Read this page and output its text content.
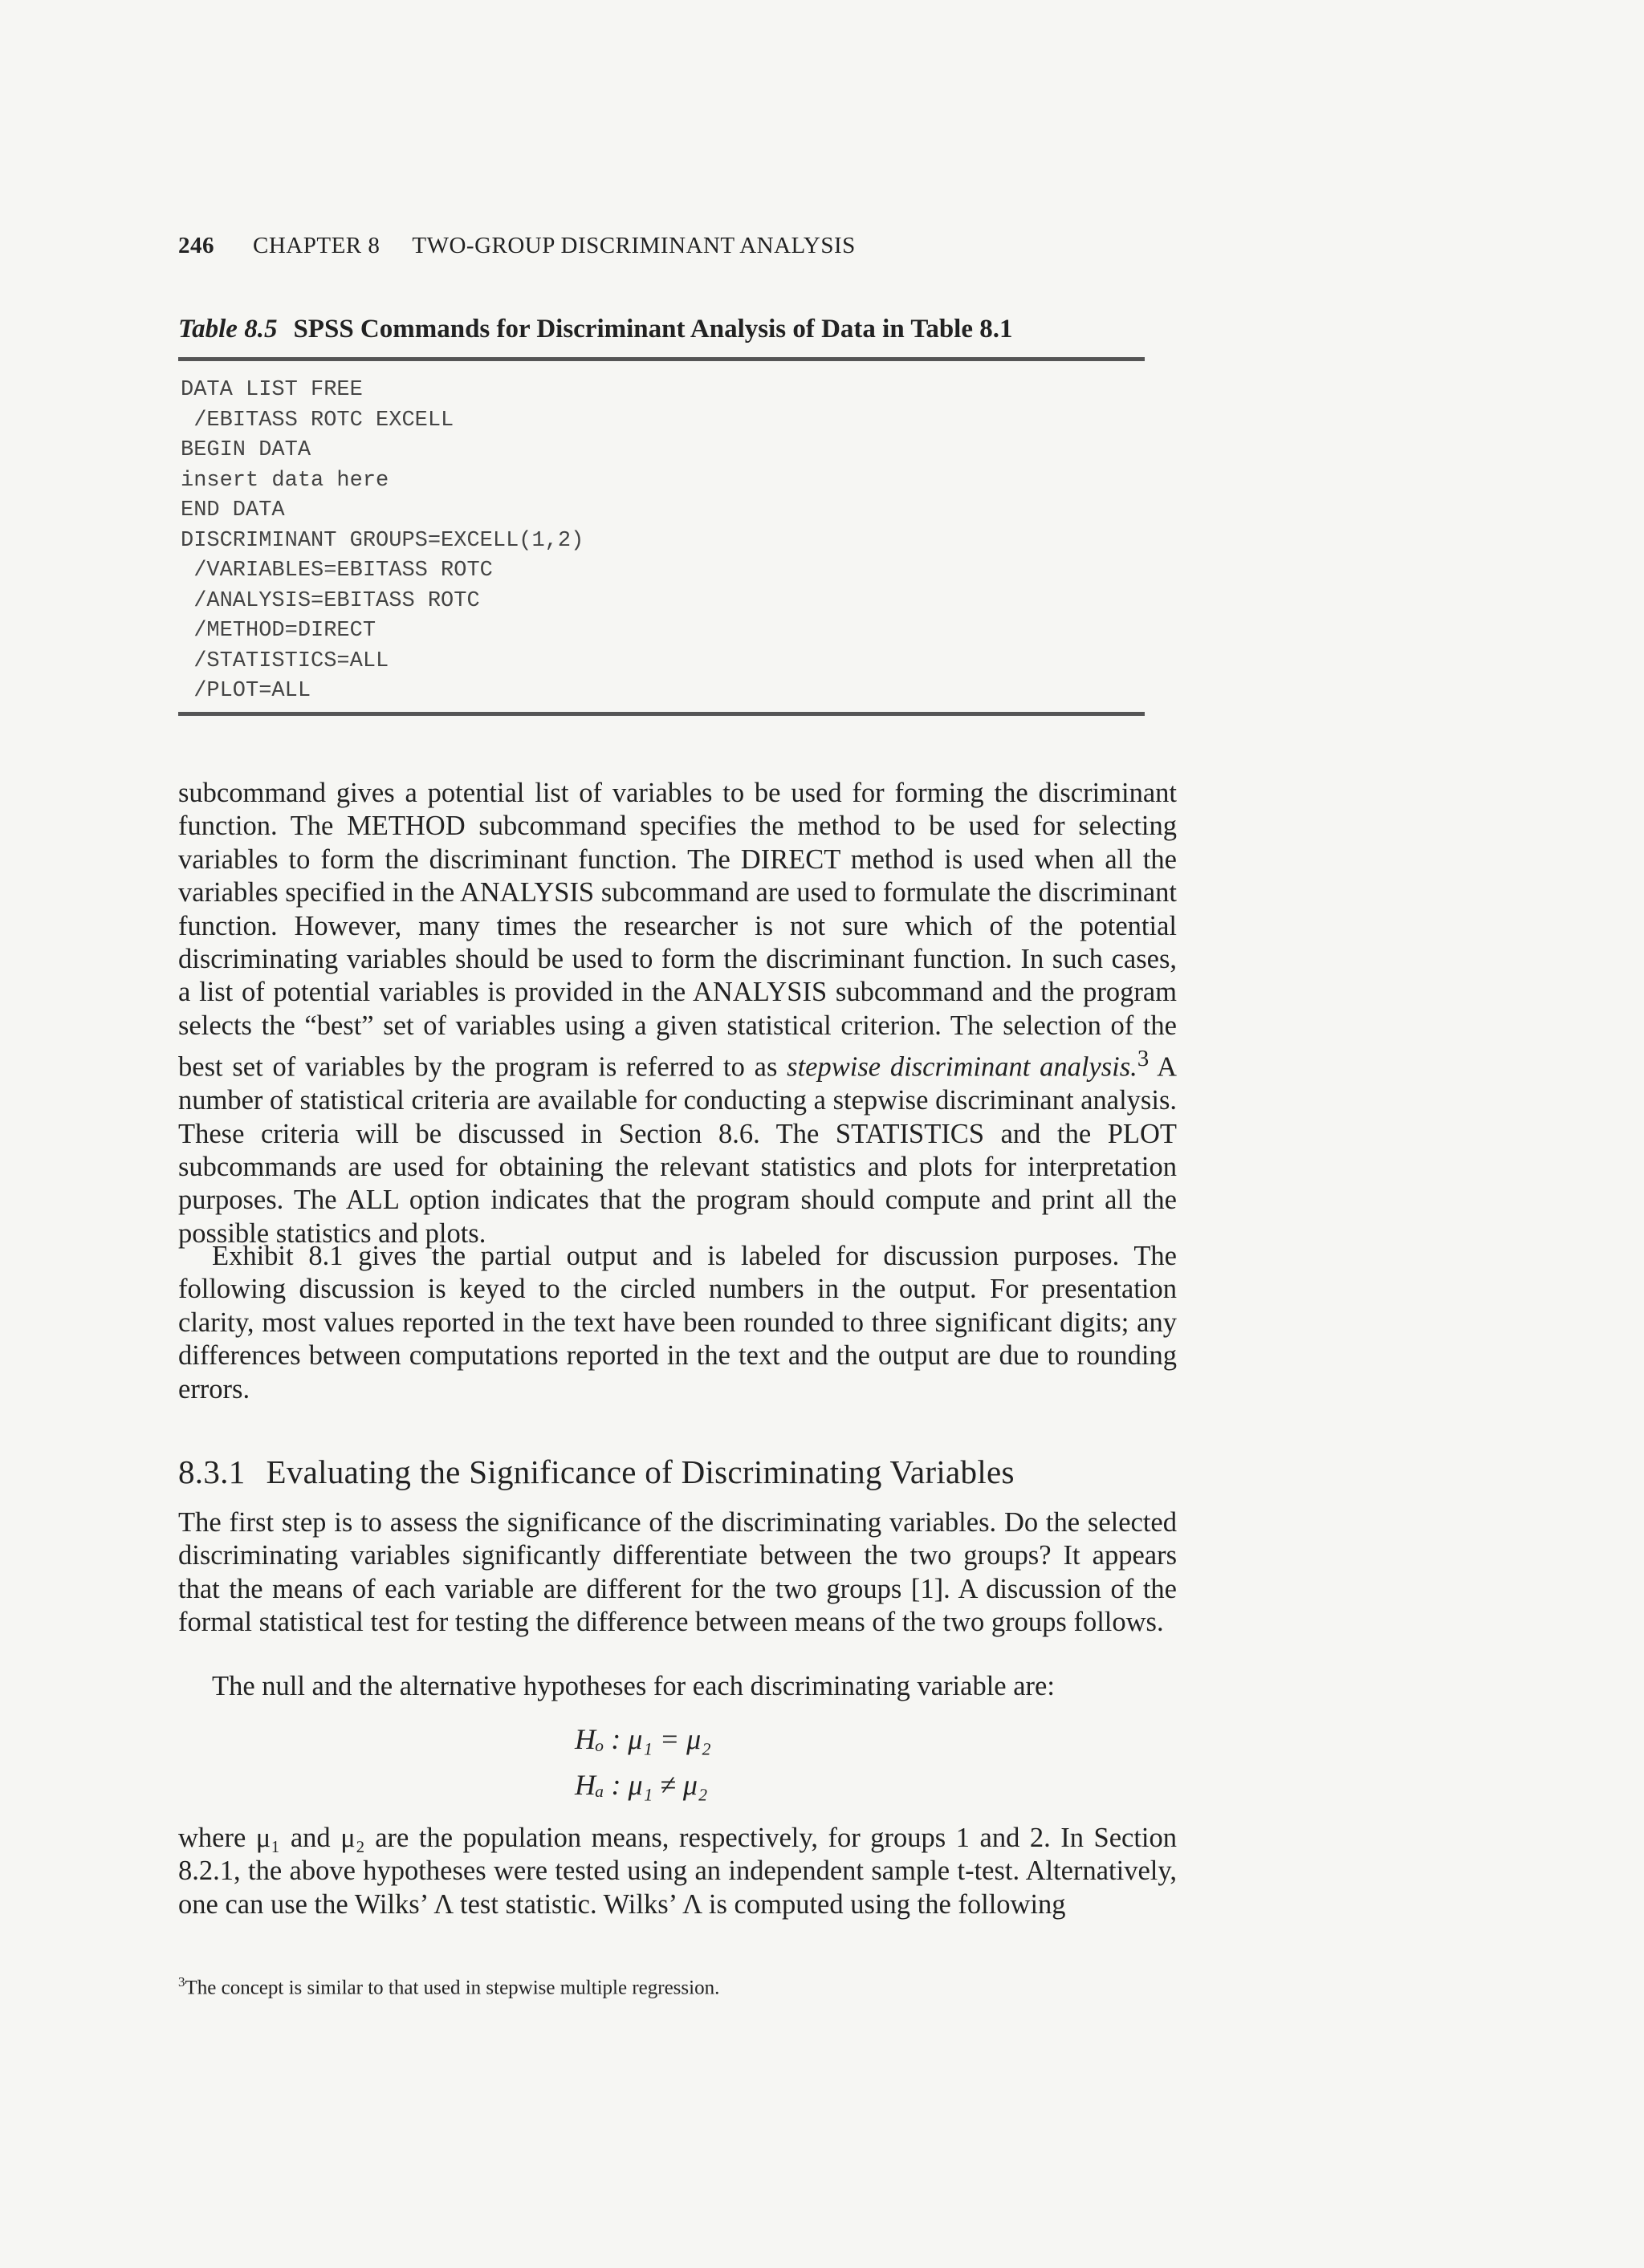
246 CHAPTER 8 TWO-GROUP DISCRIMINANT ANALYSIS
Table 8.5 SPSS Commands for Discriminant Analysis of Data in Table 8.1
DATA LIST FREE
/EBITASS ROTC EXCELL
BEGIN DATA
insert data here
END DATA
DISCRIMINANT GROUPS=EXCELL(1,2)
/VARIABLES=EBITASS ROTC
/ANALYSIS=EBITASS ROTC
/METHOD=DIRECT
/STATISTICS=ALL
/PLOT=ALL
subcommand gives a potential list of variables to be used for forming the discriminant function. The METHOD subcommand specifies the method to be used for selecting variables to form the discriminant function. The DIRECT method is used when all the variables specified in the ANALYSIS subcommand are used to formulate the discriminant function. However, many times the researcher is not sure which of the potential discriminating variables should be used to form the discriminant function. In such cases, a list of potential variables is provided in the ANALYSIS subcommand and the program selects the “best” set of variables using a given statistical criterion. The selection of the best set of variables by the program is referred to as stepwise discriminant analysis.$^3$ A number of statistical criteria are available for conducting a stepwise discriminant analysis. These criteria will be discussed in Section 8.6. The STATISTICS and the PLOT subcommands are used for obtaining the relevant statistics and plots for interpretation purposes. The ALL option indicates that the program should compute and print all the possible statistics and plots.
Exhibit 8.1 gives the partial output and is labeled for discussion purposes. The following discussion is keyed to the circled numbers in the output. For presentation clarity, most values reported in the text have been rounded to three significant digits; any differences between computations reported in the text and the output are due to rounding errors.
8.3.1 Evaluating the Significance of Discriminating Variables
The first step is to assess the significance of the discriminating variables. Do the selected discriminating variables significantly differentiate between the two groups? It appears that the means of each variable are different for the two groups [1]. A discussion of the formal statistical test for testing the difference between means of the two groups follows.
The null and the alternative hypotheses for each discriminating variable are:
Hₒ : μ₁ = μ₂
Hₐ : μ₁ ≠ μ₂
where μ₁ and μ₂ are the population means, respectively, for groups 1 and 2. In Section 8.2.1, the above hypotheses were tested using an independent sample t-test. Alternatively, one can use the Wilks’ Λ test statistic. Wilks’ Λ is computed using the following
$^3$The concept is similar to that used in stepwise multiple regression.
